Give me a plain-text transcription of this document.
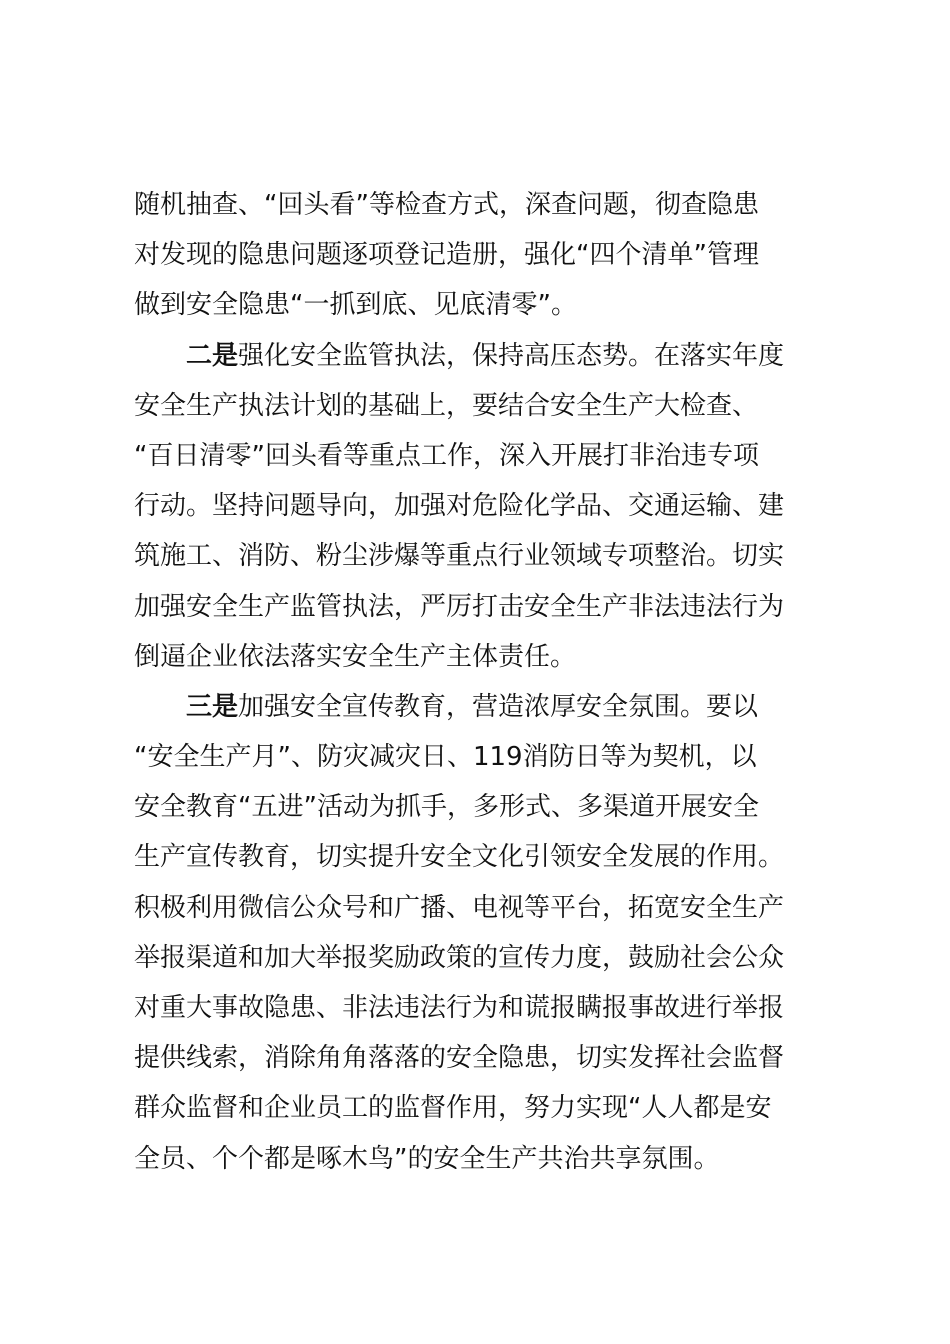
随机抽查、“回头看”等检查方式，深查问题，彻查隐患
对发现的隐患问题逐项登记造册，强化“四个清单”管理
做到安全隐患“一抓到底、见底清零”。
二是强化安全监管执法，保持高压态势。在落实年度
安全生产执法计划的基础上，要结合安全生产大检查、
“百日清零”回头看等重点工作，深入开展打非治违专项
行动。坚持问题导向，加强对危险化学品、交通运输、建
筑施工、消防、粉尘涉爆等重点行业领域专项整治。切实
加强安全生产监管执法，严厉打击安全生产非法违法行为
倒逼企业依法落实安全生产主体责任。
三是加强安全宣传教育，营造浓厚安全氛围。要以
“安全生产月”、防灾减灾日、119消防日等为契机，以
安全教育“五进”活动为抓手，多形式、多渠道开展安全
生产宣传教育，切实提升安全文化引领安全发展的作用。
积极利用微信公众号和广播、电视等平台，拓宽安全生产
举报渠道和加大举报奖励政策的宣传力度，鼓励社会公众
对重大事故隐患、非法违法行为和谎报瞒报事故进行举报
提供线索，消除角角落落的安全隐患，切实发挥社会监督
群众监督和企业员工的监督作用，努力实现“人人都是安
全员、个个都是啄木鸟”的安全生产共治共享氛围。
